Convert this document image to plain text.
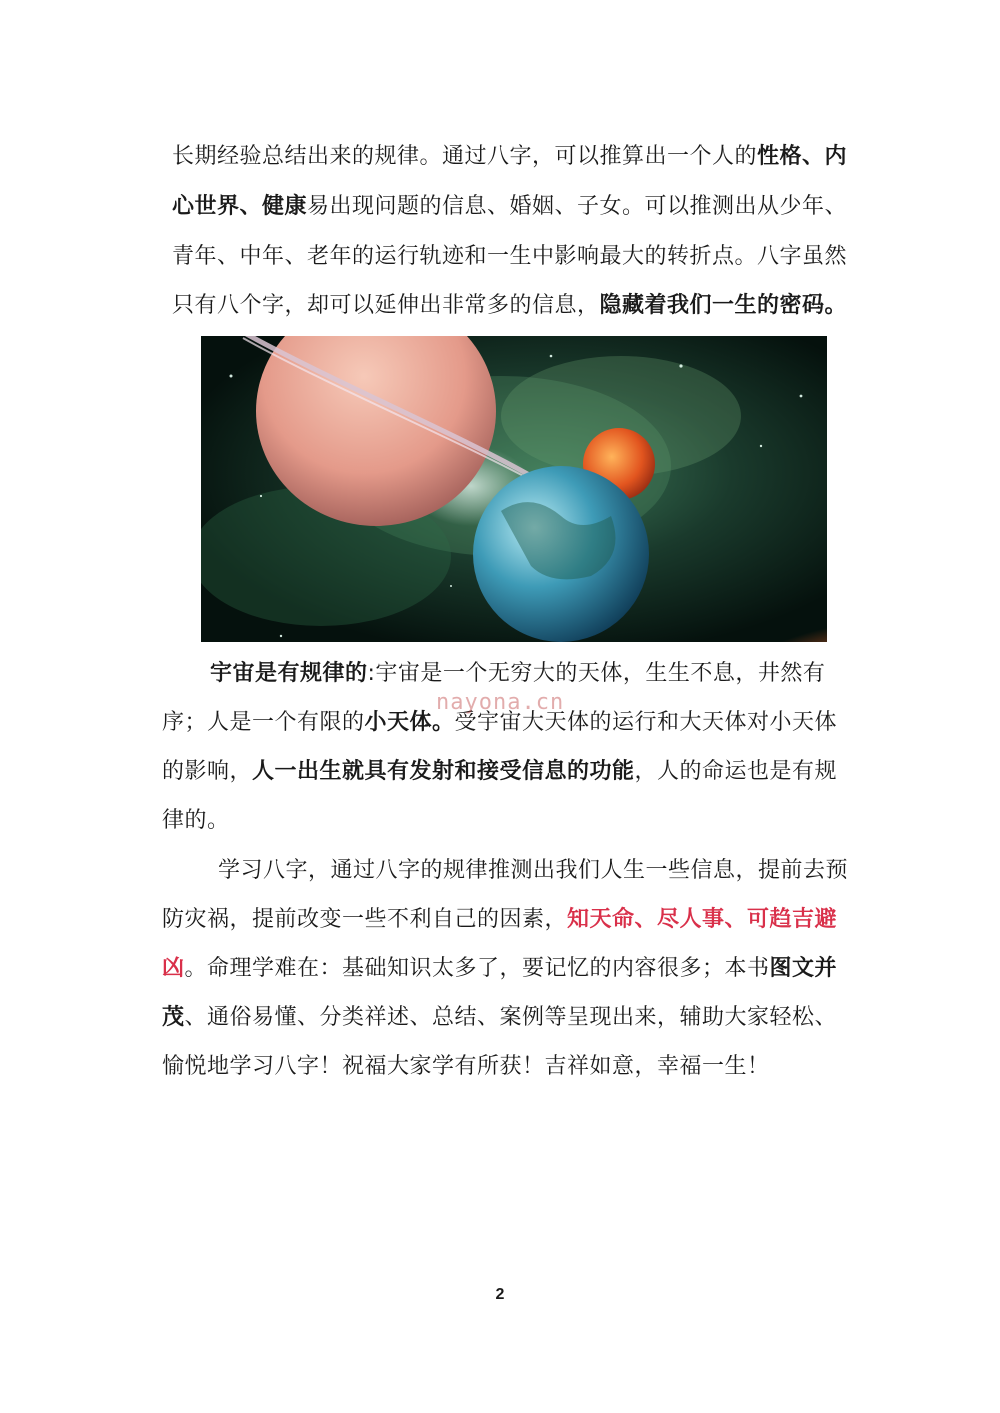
长期经验总结出来的规律。通过八字，可以推算出一个人的性格、内
心世界、健康易出现问题的信息、婚姻、子女。可以推测出从少年、
青年、中年、老年的运行轨迹和一生中影响最大的转折点。八字虽然
只有八个字，却可以延伸出非常多的信息，隐藏着我们一生的密码。
宇宙是有规律的:宇宙是一个无穷大的天体，生生不息，井然有
序；人是一个有限的小天体。受宇宙大天体的运行和大天体对小天体
的影响，人一出生就具有发射和接受信息的功能，人的命运也是有规
律的。
nayona.cn
学习八字，通过八字的规律推测出我们人生一些信息，提前去预
防灾祸，提前改变一些不利自己的因素，知天命、尽人事、可趋吉避
凶。命理学难在：基础知识太多了，要记忆的内容很多；本书图文并
茂、通俗易懂、分类祥述、总结、案例等呈现出来，辅助大家轻松、
愉悦地学习八字！祝福大家学有所获！吉祥如意，幸福一生！
2
